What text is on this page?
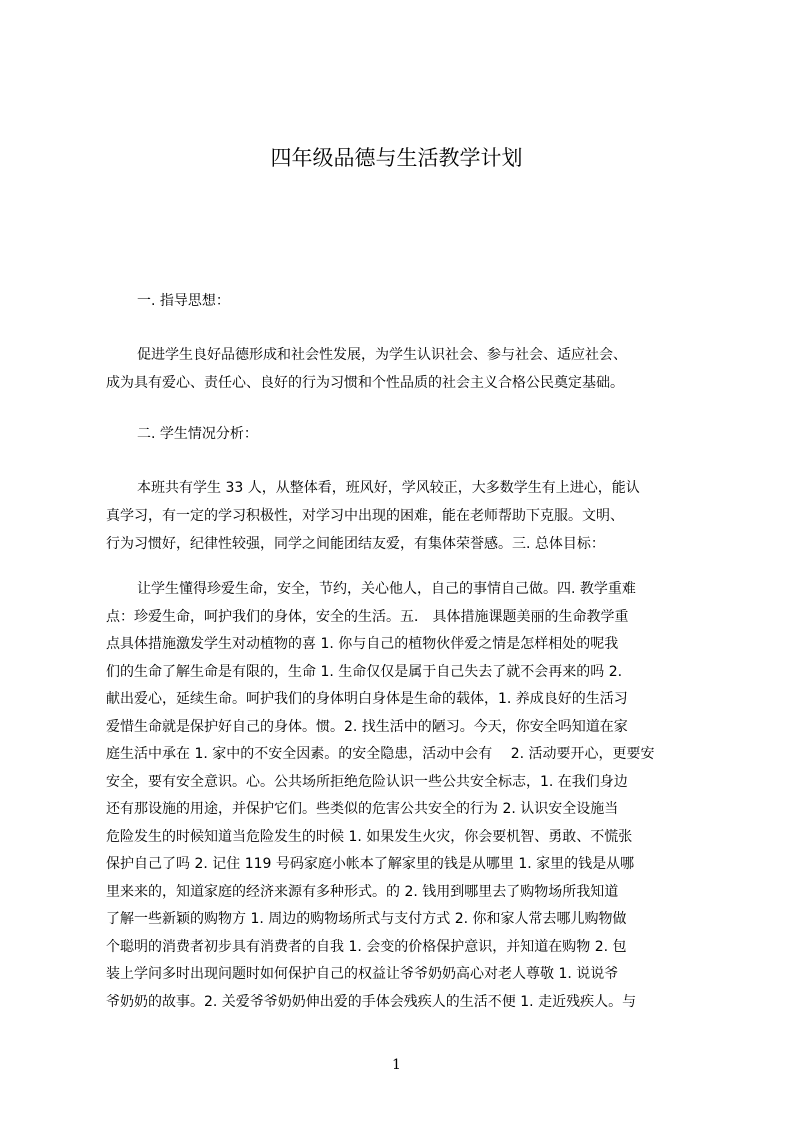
四年级品德与生活教学计划

一. 指导思想：

促进学生良好品德形成和社会性发展，为学生认识社会、参与社会、适应社会、
成为具有爱心、责任心、良好的行为习惯和个性品质的社会主义合格公民奠定基础。

二. 学生情况分析：

本班共有学生 33 人，从整体看，班风好，学风较正，大多数学生有上进心，能认
真学习，有一定的学习积极性，对学习中出现的困难，能在老师帮助下克服。文明、
行为习惯好，纪律性较强，同学之间能团结友爱，有集体荣誉感。三. 总体目标：
让学生懂得珍爱生命，安全，节约，关心他人，自己的事情自己做。四. 教学重难
点：珍爱生命，呵护我们的身体，安全的生活。五． 具体措施课题美丽的生命教学重
点具体措施激发学生对动植物的喜 1. 你与自己的植物伙伴爱之情是怎样相处的呢我
们的生命了解生命是有限的，生命 1. 生命仅仅是属于自己失去了就不会再来的吗 2.
献出爱心，延续生命。呵护我们的身体明白身体是生命的载体，1. 养成良好的生活习
爱惜生命就是保护好自己的身体。惯。2. 找生活中的陋习。今天，你安全吗知道在家
庭生活中承在 1. 家中的不安全因素。的安全隐患，活动中会有　 2. 活动要开心，更要安
安全，要有安全意识。心。公共场所拒绝危险认识一些公共安全标志，1. 在我们身边
还有那设施的用途，并保护它们。些类似的危害公共安全的行为 2. 认识安全设施当
危险发生的时候知道当危险发生的时候 1. 如果发生火灾，你会要机智、勇敢、不慌张
保护自己了吗 2. 记住 119 号码家庭小帐本了解家里的钱是从哪里 1. 家里的钱是从哪
里来来的，知道家庭的经济来源有多种形式。的 2. 钱用到哪里去了购物场所我知道
了解一些新颖的购物方 1. 周边的购物场所式与支付方式 2. 你和家人常去哪儿购物做
个聪明的消费者初步具有消费者的自我 1. 会变的价格保护意识，并知道在购物 2. 包
装上学问多时出现问题时如何保护自己的权益让爷爷奶奶高心对老人尊敬 1. 说说爷
爷奶奶的故事。2. 关爱爷爷奶奶伸出爱的手体会残疾人的生活不便 1. 走近残疾人。与

1
